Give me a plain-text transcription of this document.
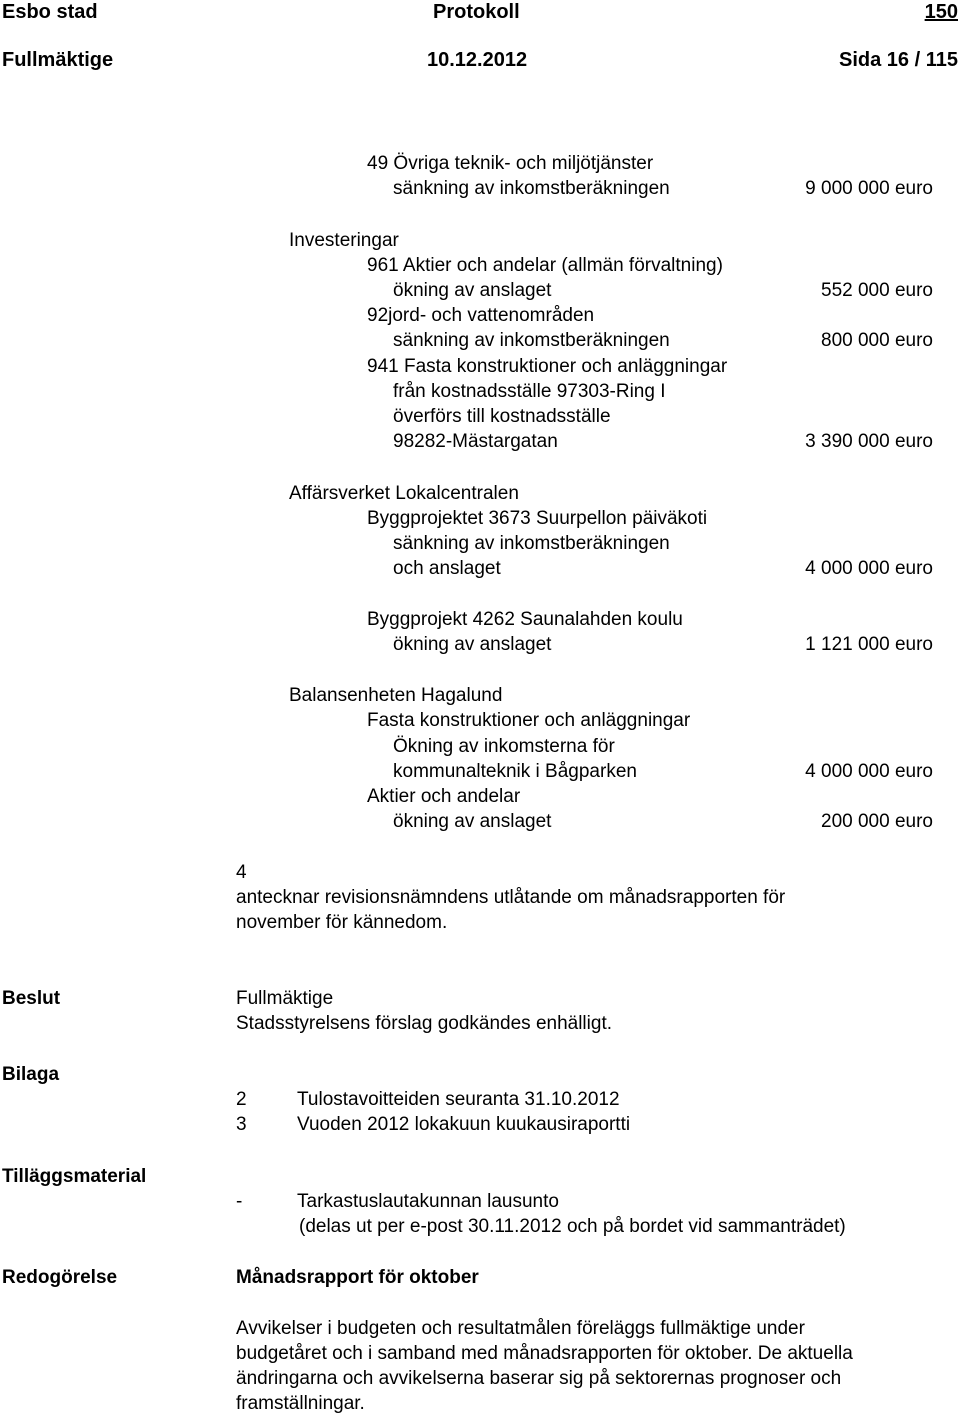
Esbo stad	Protokoll	150
Fullmäktige	10.12.2012	Sida 16 / 115
49 Övriga teknik- och miljötjänster
sänkning av inkomstberäkningen	9 000 000 euro
Investeringar
961 Aktier och andelar (allmän förvaltning)
ökning av anslaget	552 000 euro
92jord- och vattenområden
sänkning av inkomstberäkningen	800 000 euro
941 Fasta konstruktioner och anläggningar
från kostnadsställe 97303-Ring I
överförs till kostnadsställe
98282-Mästargatan	3 390 000 euro
Affärsverket Lokalcentralen
Byggprojektet 3673 Suurpellon päiväkoti
sänkning av inkomstberäkningen
och anslaget	4 000 000 euro
Byggprojekt 4262 Saunalahden koulu
ökning av anslaget	1 121 000 euro
Balansenheten Hagalund
Fasta konstruktioner och anläggningar
Ökning av inkomsterna för
kommunalteknik i Bågparken	4 000 000 euro
Aktier och andelar
ökning av anslaget	200 000 euro
4
antecknar revisionsnämndens utlåtande om månadsrapporten för
november för kännedom.
Beslut	Fullmäktige
Stadsstyrelsens förslag godkändes enhälligt.
Bilaga
2	Tulostavoitteiden seuranta 31.10.2012
3	Vuoden 2012 lokakuun kuukausiraportti
Tilläggsmaterial
-	Tarkastuslautakunnan lausunto
(delas ut per e-post 30.11.2012 och på bordet vid sammanträdet)
Redogörelse	Månadsrapport för oktober
Avvikelser i budgeten och resultatmålen föreläggs fullmäktige under
budgetåret och i samband med månadsrapporten för oktober. De aktuella
ändringarna och avvikelserna baserar sig på sektorernas prognoser och
framställningar.
